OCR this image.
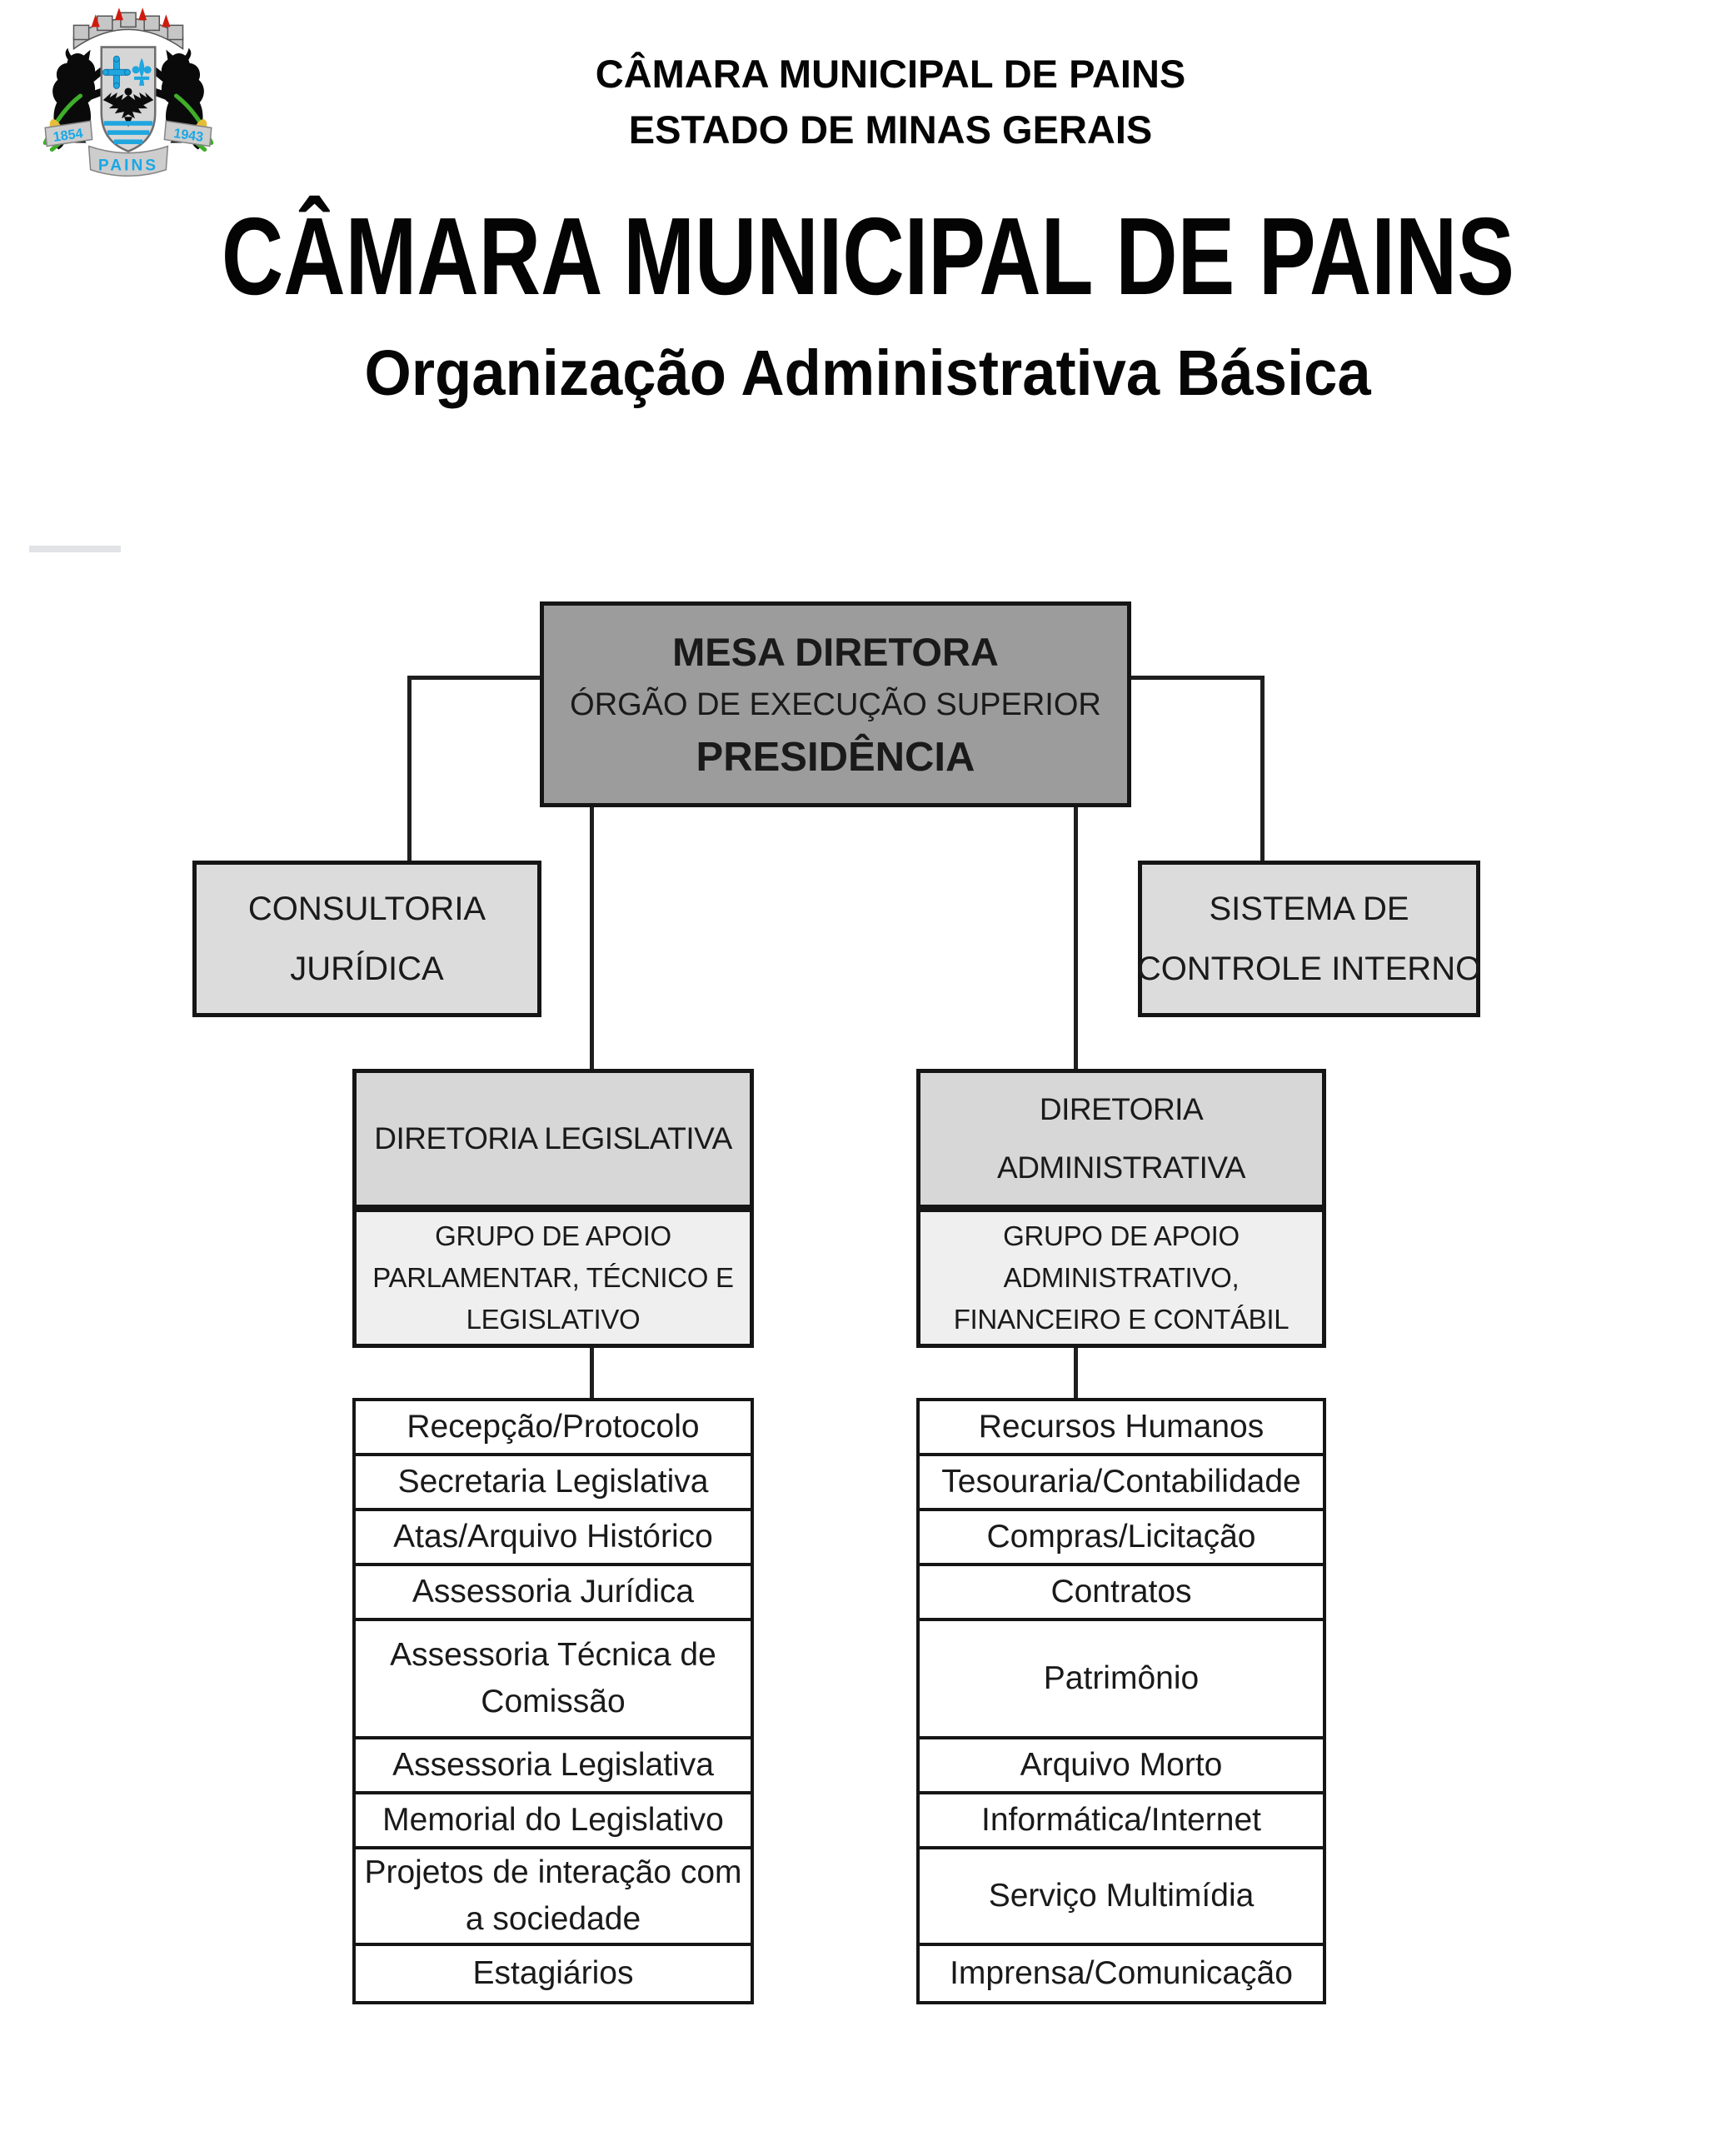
1854	1943
PAINS
CÂMARA MUNICIPAL DE PAINS
ESTADO DE MINAS GERAIS
CÂMARA MUNICIPAL DE PAINS
Organização Administrativa Básica
MESA DIRETORA
ÓRGÃO DE EXECUÇÃO SUPERIOR
PRESIDÊNCIA
CONSULTORIA
JURÍDICA
SISTEMA DE
CONTROLE INTERNO
DIRETORIA LEGISLATIVA
GRUPO DE APOIO
PARLAMENTAR, TÉCNICO E
LEGISLATIVO
DIRETORIA
ADMINISTRATIVA
GRUPO DE APOIO
ADMINISTRATIVO,
FINANCEIRO E CONTÁBIL
Recepção/Protocolo
Secretaria Legislativa
Atas/Arquivo Histórico
Assessoria Jurídica
Assessoria Técnica de Comissão
Assessoria Legislativa
Memorial do Legislativo
Projetos de interação com a sociedade
Estagiários
Recursos Humanos
Tesouraria/Contabilidade
Compras/Licitação
Contratos
Patrimônio
Arquivo Morto
Informática/Internet
Serviço Multimídia
Imprensa/Comunicação
